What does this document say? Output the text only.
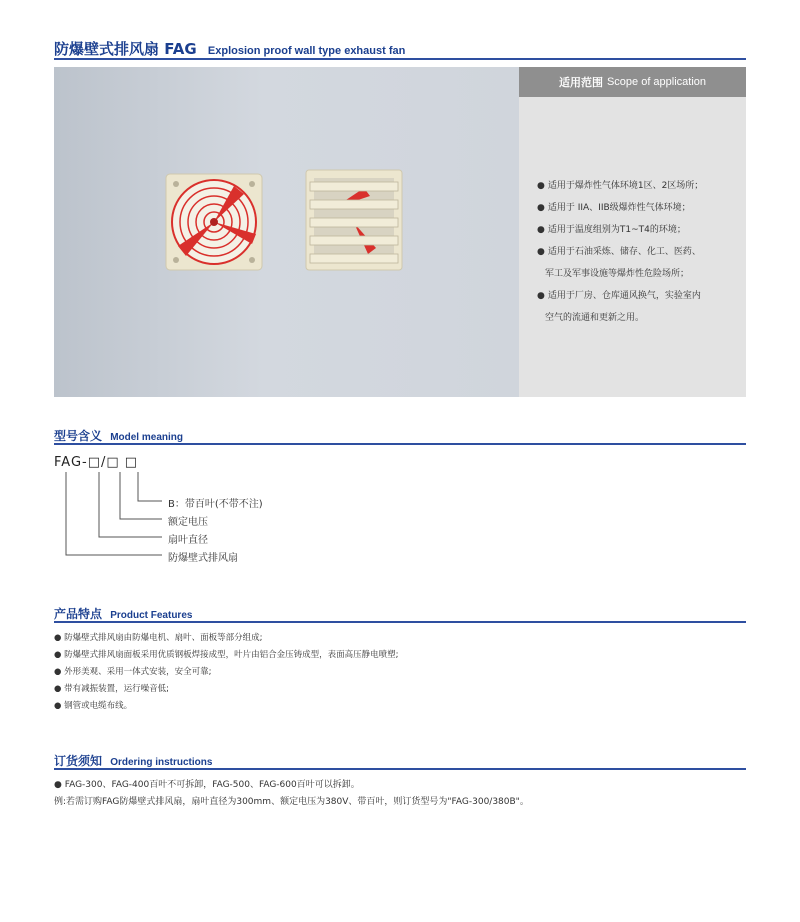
防爆壁式排风扇 FAG Explosion proof wall type exhaust fan
适用范围 Scope of application
● 适用于爆炸性气体环境1区、2区场所；
● 适用于 IIA、IIB级爆炸性气体环境；
● 适用于温度组别为T1~T4的环境；
● 适用于石油采炼、储存、化工、医药、
军工及军事设施等爆炸性危险场所；
● 适用于厂房、仓库通风换气，实验室内
空气的流通和更新之用。
型号含义 Model meaning
FAG-□/□ □
B：带百叶(不带不注)
额定电压
扇叶直径
防爆壁式排风扇
产品特点 Product Features
● 防爆壁式排风扇由防爆电机、扇叶、面板等部分组成;
● 防爆壁式排风扇面板采用优质钢板焊接成型，叶片由铝合金压铸成型，表面高压静电喷塑;
● 外形美观、采用一体式安装，安全可靠;
● 带有减振装置，运行噪音低;
● 钢管或电缆布线。
订货须知 Ordering instructions
● FAG-300、FAG-400百叶不可拆卸，FAG-500、FAG-600百叶可以拆卸。
例:若需订购FAG防爆壁式排风扇，扇叶直径为300mm、额定电压为380V、带百叶，则订货型号为"FAG-300/380B"。
